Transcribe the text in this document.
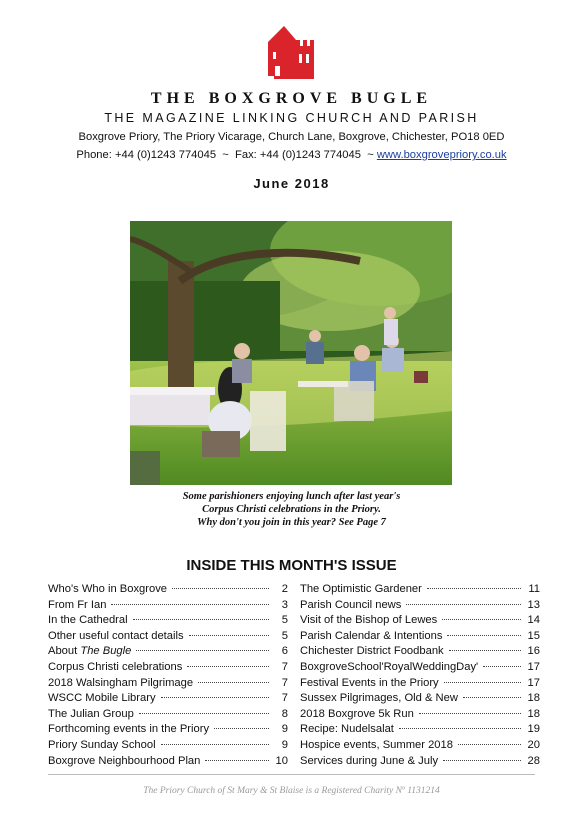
THE BOXGROVE BUGLE
THE MAGAZINE LINKING CHURCH AND PARISH
Boxgrove Priory, The Priory Vicarage, Church Lane, Boxgrove, Chichester, PO18 0ED
Phone: +44 (0)1243 774045  ~  Fax: +44 (0)1243 774045  ~ www.boxgrovepriory.co.uk
June 2018
Some parishioners enjoying lunch after last year's
Corpus Christi celebrations in the Priory.
Why don't you join in this year? See Page 7
INSIDE THIS MONTH'S ISSUE
Who's Who in Boxgrove	2
From Fr Ian	3
In the Cathedral	5
Other useful contact details	5
About The Bugle	6
Corpus Christi celebrations	7
2018 Walsingham Pilgrimage	7
WSCC Mobile Library	7
The Julian Group	8
Forthcoming events in the Priory	9
Priory Sunday School	9
Boxgrove Neighbourhood Plan	10
The Optimistic Gardener	11
Parish Council news	13
Visit of the Bishop of Lewes	14
Parish Calendar & Intentions	15
Chichester District Foodbank	16
BoxgroveSchool'RoyalWeddingDay'	17
Festival Events in the Priory	17
Sussex Pilgrimages, Old & New	18
2018 Boxgrove 5k Run	18
Recipe: Nudelsalat	19
Hospice events, Summer 2018	20
Services during June & July	28
The Priory Church of St Mary & St Blaise is a Registered Charity Nº 1131214
